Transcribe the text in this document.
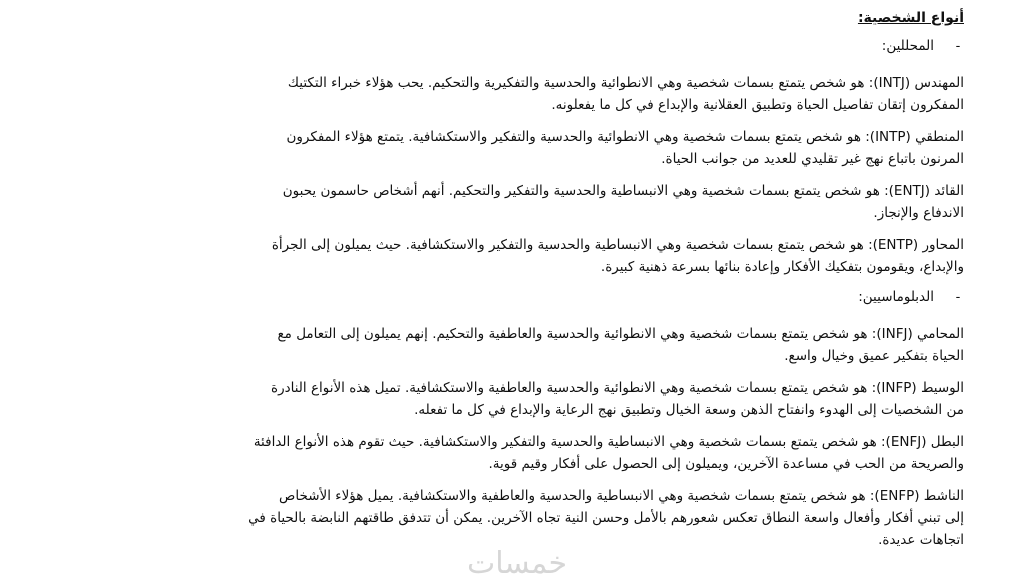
أنواع الشخصية:
-
المحللين:
المهندس (INTJ): هو شخص يتمتع بسمات شخصية وهي الانطوائية والحدسية والتفكيرية والتحكيم. يحب هؤلاء خبراء التكتيك
المفكرون إتقان تفاصيل الحياة وتطبيق العقلانية والإبداع في كل ما يفعلونه.
المنطقي (INTP): هو شخص يتمتع بسمات شخصية وهي الانطوائية والحدسية والتفكير والاستكشافية. يتمتع هؤلاء المفكرون
المرنون باتباع نهج غير تقليدي للعديد من جوانب الحياة.
القائد (ENTJ): هو شخص يتمتع بسمات شخصية وهي الانبساطية والحدسية والتفكير والتحكيم. أنهم أشخاص حاسمون يحبون
الاندفاع والإنجاز.
المحاور (ENTP): هو شخص يتمتع بسمات شخصية وهي الانبساطية والحدسية والتفكير والاستكشافية. حيث يميلون إلى الجرأة
والإبداع، ويقومون بتفكيك الأفكار وإعادة بنائها بسرعة ذهنية كبيرة.
-
الدبلوماسيين:
المحامي (INFJ): هو شخص يتمتع بسمات شخصية وهي الانطوائية والحدسية والعاطفية والتحكيم. إنهم يميلون إلى التعامل مع
الحياة بتفكير عميق وخيال واسع.
الوسيط (INFP): هو شخص يتمتع بسمات شخصية وهي الانطوائية والحدسية والعاطفية والاستكشافية. تميل هذه الأنواع النادرة
من الشخصيات إلى الهدوء وانفتاح الذهن وسعة الخيال وتطبيق نهج الرعاية والإبداع في كل ما تفعله.
البطل (ENFJ): هو شخص يتمتع بسمات شخصية وهي الانبساطية والحدسية والتفكير والاستكشافية. حيث تقوم هذه الأنواع الدافئة
والصريحة من الحب في مساعدة الآخرين، ويميلون إلى الحصول على أفكار وقيم قوية.
الناشط (ENFP): هو شخص يتمتع بسمات شخصية وهي الانبساطية والحدسية والعاطفية والاستكشافية. يميل هؤلاء الأشخاص
إلى تبني أفكار وأفعال واسعة النطاق تعكس شعورهم بالأمل وحسن النية تجاه الآخرين. يمكن أن تتدفق طاقتهم النابضة بالحياة في
اتجاهات عديدة.
خمسات
